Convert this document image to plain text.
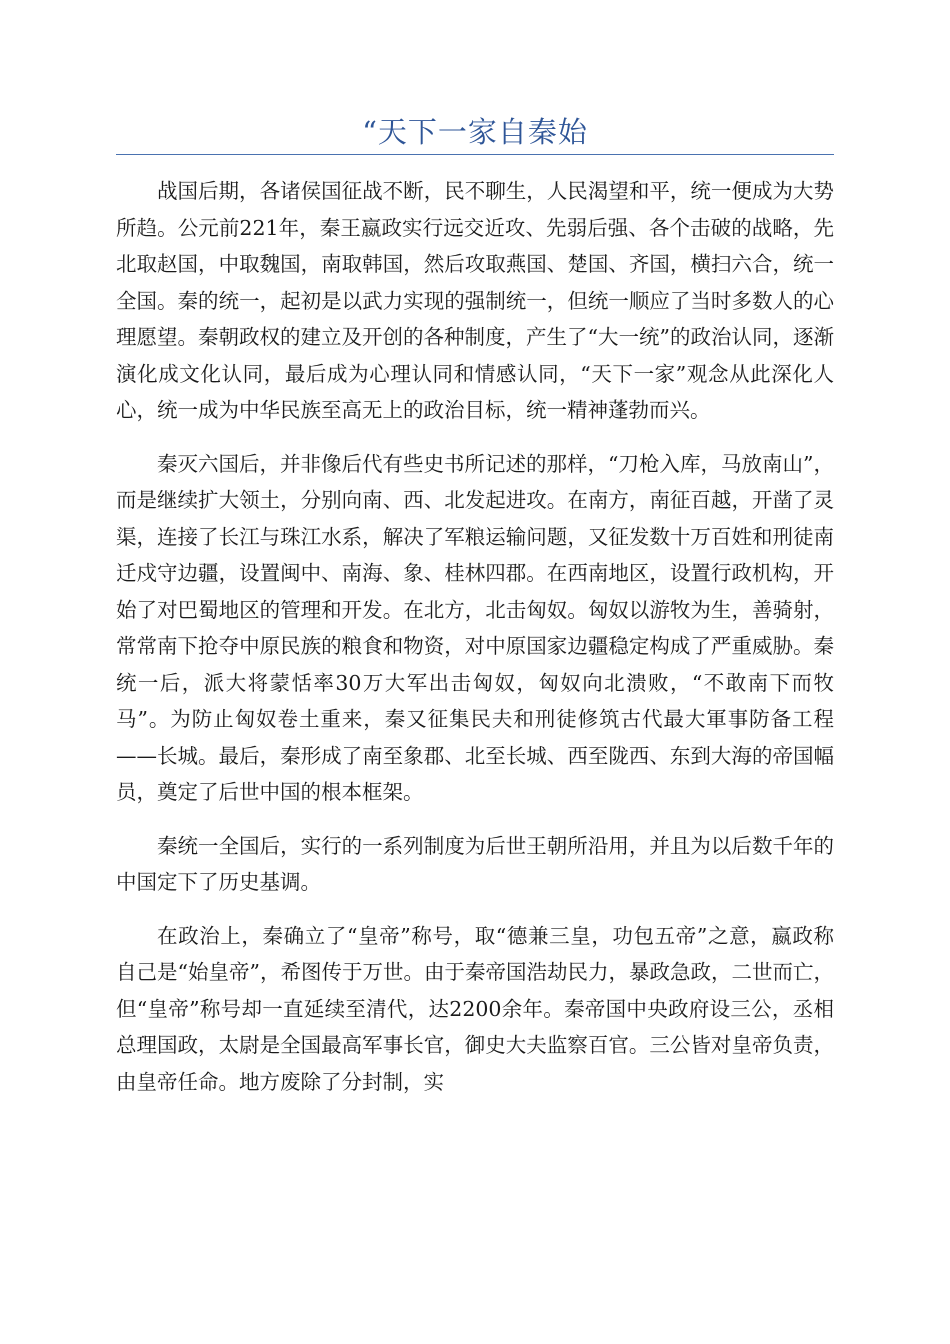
“天下一家自秦始

战国后期，各诸侯国征战不断，民不聊生，人民渴望和平，统一便成为大势所趋。公元前221年，秦王嬴政实行远交近攻、先弱后强、各个击破的战略，先北取赵国，中取魏国，南取韩国，然后攻取燕国、楚国、齐国，横扫六合，统一全国。秦的统一，起初是以武力实现的强制统一，但统一顺应了当时多数人的心理愿望。秦朝政权的建立及开创的各种制度，产生了“大一统”的政治认同，逐渐演化成文化认同，最后成为心理认同和情感认同，“天下一家”观念从此深化人心，统一成为中华民族至高无上的政治目标，统一精神蓬勃而兴。

秦灭六国后，并非像后代有些史书所记述的那样，“刀枪入库，马放南山”，而是继续扩大领土，分别向南、西、北发起进攻。在南方，南征百越，开凿了灵渠，连接了长江与珠江水系，解决了军粮运输问题，又征发数十万百姓和刑徒南迁戍守边疆，设置闽中、南海、象、桂林四郡。在西南地区，设置行政机构，开始了对巴蜀地区的管理和开发。在北方，北击匈奴。匈奴以游牧为生，善骑射，常常南下抢夺中原民族的粮食和物资，对中原国家边疆稳定构成了严重威胁。秦统一后，派大将蒙恬率30万大军出击匈奴，匈奴向北溃败，“不敢南下而牧马”。为防止匈奴卷土重来，秦又征集民夫和刑徒修筑古代最大軍事防备工程——长城。最后，秦形成了南至象郡、北至长城、西至陇西、东到大海的帝国幅员，奠定了后世中国的根本框架。

秦统一全国后，实行的一系列制度为后世王朝所沿用，并且为以后数千年的中国定下了历史基调。

在政治上，秦确立了“皇帝”称号，取“德兼三皇，功包五帝”之意，嬴政称自己是“始皇帝”，希图传于万世。由于秦帝国浩劫民力，暴政急政，二世而亡，但“皇帝”称号却一直延续至清代，达2200余年。秦帝国中央政府设三公，丞相总理国政，太尉是全国最高军事长官，御史大夫监察百官。三公皆对皇帝负责，由皇帝任命。地方废除了分封制，实
